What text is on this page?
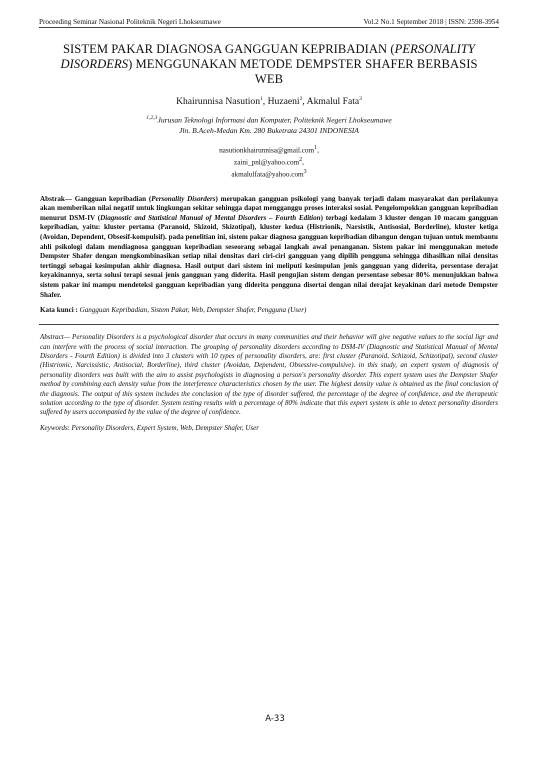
Proceeding Seminar Nasional Politeknik Negeri Lhokseumawe	Vol.2 No.1 September 2018 | ISSN: 2598-3954
SISTEM PAKAR DIAGNOSA GANGGUAN KEPRIBADIAN (PERSONALITY
DISORDERS) MENGGUNAKAN METODE DEMPSTER SHAFER BERBASIS WEB
Khairunnisa Nasution$^1$, Huzaeni$^2$, Akmalul Fata$^3$
$^{1,2,3}$Jurusan Teknologi Informasi dan Komputer, Politeknik Negeri Lhokseumawe
Jln. B.Aceh-Medan Km. 280 Buketrata 24301 INDONESIA
nasutionkhairunnisa@gmail.com$^1$,
zaini_pnl@yahoo.com$^2$,
akmalulfata@yahoo.com$^3$
Abstrak— Gangguan kepribadian (Personality Disorders) merupakan gangguan psikologi yang banyak terjadi dalam masyarakat dan perilakunya akan memberikan nilai negatif untuk lingkungan sekitar sehingga dapat mengganggu proses interaksi sosial. Pengelompokkan gangguan kepribadian menurut DSM-IV (Diagnostic and Statistical Manual of Mental Disorders – Fourth Edition) terbagi kedalam 3 kluster dengan 10 macam gangguan kepribadian, yaitu: kluster pertama (Paranoid, Skizoid, Skizotipal), kluster kedua (Histrionik, Narsistik, Antisosial, Borderline), kluster ketiga (Avoidan, Dependent, Obsesif-kompulsif). pada penelitian ini, sistem pakar diagnosa gangguan kepribadian dibangun dengan tujuan untuk membantu ahli psikologi dalam mendiagnosa gangguan kepribadian seseorang sebagai langkah awal penanganan. Sistem pakar ini menggunakan metode Dempster Shafer dengan mengkombinasikan setiap nilai densitas dari ciri-ciri gangguan yang dipilih pengguna sehingga dihasilkan nilai densitas tertinggi sebagai kesimpulan akhir diagnosa. Hasil output dari sistem ini meliputi kesimpulan jenis gangguan yang diderita, persentase derajat keyakinannya, serta solusi terapi sesuai jenis gangguan yang diderita. Hasil pengujian sistem dengan persentase sebesar 80% menunjukkan bahwa sistem pakar ini mampu mendeteksi gangguan kepribadian yang diderita pengguna disertai dengan nilai derajat keyakinan dari metode Dempster Shafer.
Kata kunci : Gangguan Kepribadian, Sistem Pakar, Web, Dempster Shafer, Pengguna (User)
Abstract— Personality Disorders is a psychological disorder that occurs in many communities and their behavior will give negative values to the social ligr and can interfere with the process of social interaction. The grouping of personality disorders according to DSM-IV (Diagnostic and Statistical Manual of Mental Disorders - Fourth Edition) is divided into 3 clusters with 10 types of personality disorders, are: first cluster (Paranoid, Schizoid, Schizotipal), second cluster (Histrionic, Narcissistic, Antisocial, Borderline), third cluster (Avoidan, Dependent, Obsessive-compulsive). in this study, an expert system of diagnosis of personality disorders was built with the aim to assist psychologists in diagnosing a person's personality disorder. This expert system uses the Dempster Shafer method by combining each density value from the interference characteristics chosen by the user. The highest density value is obtained as the final conclusion of the diagnosis. The output of this system includes the conclusion of the type of disorder suffered, the percentage of the degree of confidence, and the therapeutic solution according to the type of disorder. System testing results with a percentage of 80% indicate that this expert system is able to detect personality disorders suffered by users accompanied by the value of the degree of confidence.
Keywords: Personality Disorders, Expert System, Web, Dempster Shafer, User
A-33
